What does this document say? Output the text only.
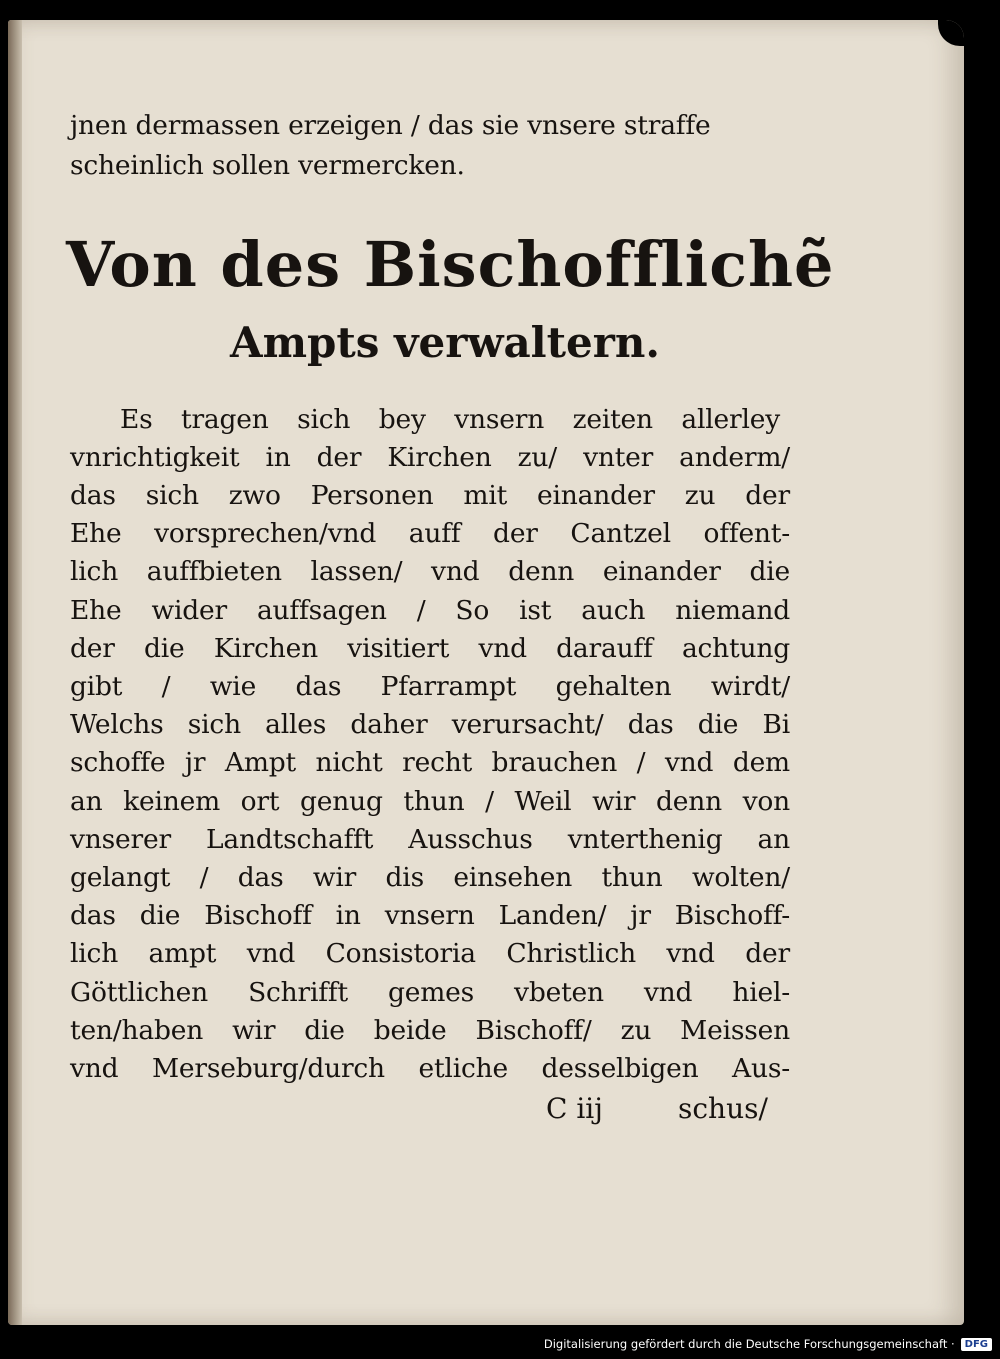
jnen dermassen erzeigen / das sie vnsere straffe
scheinlich sollen vermercken.
Von des Bischofflichẽ
Ampts verwaltern.
Es tragen sich bey vnsern zeiten allerley
vnrichtigkeit in der Kirchen zu/ vnter anderm/
das sich zwo Personen mit einander zu der
Ehe vorsprechen/vnd auff der Cantzel offent-
lich auffbieten lassen/ vnd denn einander die
Ehe wider auffsagen / So ist auch niemand
der die Kirchen visitiert vnd darauff achtung
gibt / wie das Pfarrampt gehalten wirdt/
Welchs sich alles daher verursacht/ das die Bi
schoffe jr Ampt nicht recht brauchen / vnd dem
an keinem ort genug thun / Weil wir denn von
vnserer Landtschafft Ausschus vnterthenig an
gelangt / das wir dis einsehen thun wolten/
das die Bischoff in vnsern Landen/ jr Bischoff-
lich ampt vnd Consistoria Christlich vnd der
Göttlichen Schrifft gemes vbeten vnd hiel-
ten/haben wir die beide Bischoff/ zu Meissen
vnd Merseburg/durch etliche desselbigen Aus-
C iij	schus/
Digitalisierung gefördert durch die Deutsche Forschungsgemeinschaft ·	DFG
